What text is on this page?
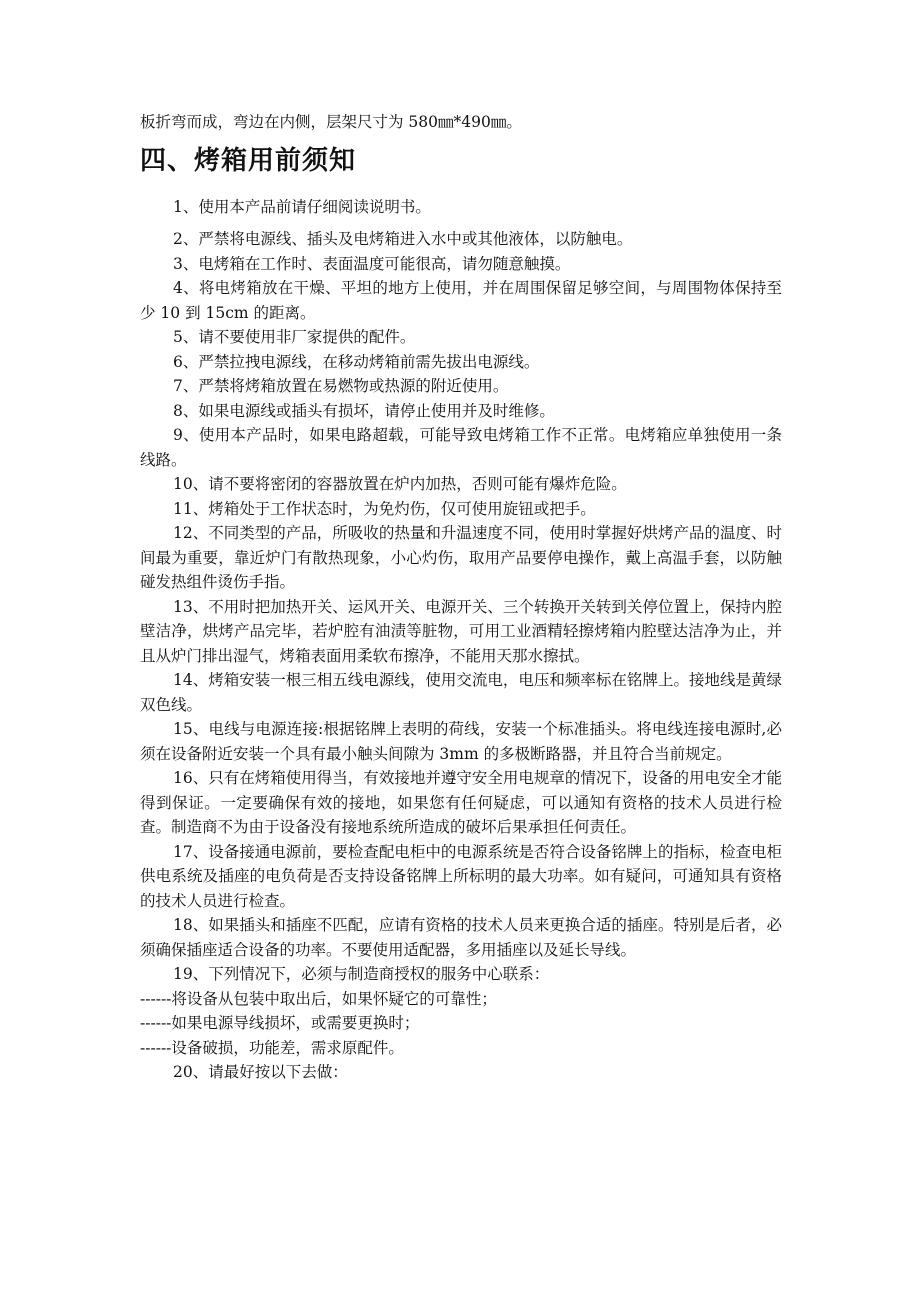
板折弯而成，弯边在内侧，层架尺寸为 580㎜*490㎜。

四、烤箱用前须知

1、使用本产品前请仔细阅读说明书。

2、严禁将电源线、插头及电烤箱进入水中或其他液体，以防触电。

3、电烤箱在工作时、表面温度可能很高，请勿随意触摸。

4、将电烤箱放在干燥、平坦的地方上使用，并在周围保留足够空间，与周围物体保持至少 10 到 15cm 的距离。

5、请不要使用非厂家提供的配件。

6、严禁拉拽电源线，在移动烤箱前需先拔出电源线。

7、严禁将烤箱放置在易燃物或热源的附近使用。

8、如果电源线或插头有损坏，请停止使用并及时维修。

9、使用本产品时，如果电路超载，可能导致电烤箱工作不正常。电烤箱应单独使用一条线路。

10、请不要将密闭的容器放置在炉内加热，否则可能有爆炸危险。

11、烤箱处于工作状态时，为免灼伤，仅可使用旋钮或把手。

12、不同类型的产品，所吸收的热量和升温速度不同，使用时掌握好烘烤产品的温度、时间最为重要，靠近炉门有散热现象，小心灼伤，取用产品要停电操作，戴上高温手套，以防触碰发热组件烫伤手指。

13、不用时把加热开关、运风开关、电源开关、三个转换开关转到关停位置上，保持内腔壁洁净，烘烤产品完毕，若炉腔有油渍等脏物，可用工业酒精轻擦烤箱内腔壁达洁净为止，并且从炉门排出湿气，烤箱表面用柔软布擦净，不能用天那水擦拭。

14、烤箱安装一根三相五线电源线，使用交流电，电压和频率标在铭牌上。接地线是黄绿双色线。

15、电线与电源连接:根据铭牌上表明的荷线，安装一个标准插头。将电线连接电源时,必须在设备附近安装一个具有最小触头间隙为 3mm 的多极断路器，并且符合当前规定。

16、只有在烤箱使用得当，有效接地并遵守安全用电规章的情况下，设备的用电安全才能得到保证。一定要确保有效的接地，如果您有任何疑虑，可以通知有资格的技术人员进行检查。制造商不为由于设备没有接地系统所造成的破坏后果承担任何责任。

17、设备接通电源前，要检查配电柜中的电源系统是否符合设备铭牌上的指标，检查电柜供电系统及插座的电负荷是否支持设备铭牌上所标明的最大功率。如有疑问，可通知具有资格的技术人员进行检查。

18、如果插头和插座不匹配，应请有资格的技术人员来更换合适的插座。特别是后者，必须确保插座适合设备的功率。不要使用适配器，多用插座以及延长导线。

19、下列情况下，必须与制造商授权的服务中心联系：

------将设备从包装中取出后，如果怀疑它的可靠性；

------如果电源导线损坏，或需要更换时；

------设备破损，功能差，需求原配件。

20、请最好按以下去做：
